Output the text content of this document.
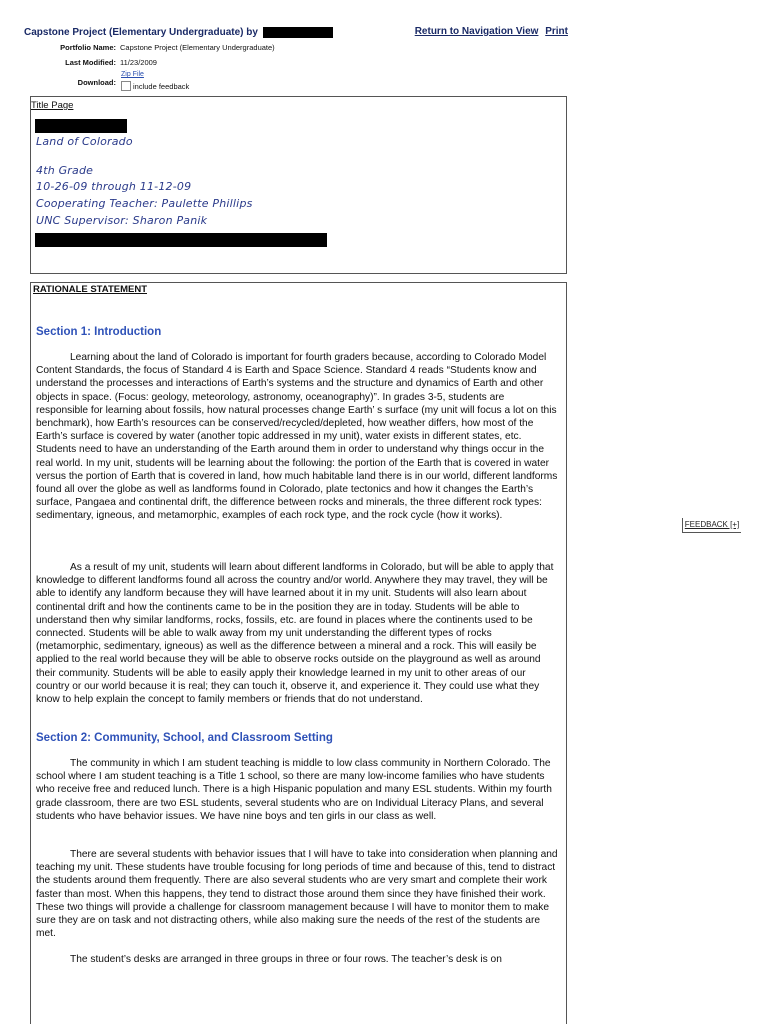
Capstone Project (Elementary Undergraduate) by	Return to Navigation View Print
Portfolio Name: Capstone Project (Elementary Undergraduate)
Last Modified: 11/23/2009
Download:
Zip File
include feedback
Title Page
Land of Colorado
4th Grade
10-26-09 through 11-12-09
Cooperating Teacher: Paulette Phillips
UNC Supervisor: Sharon Panik
RATIONALE STATEMENT
Section 1: Introduction
Learning about the land of Colorado is important for fourth graders because, according to Colorado Model Content Standards, the focus of Standard 4 is Earth and Space Science. Standard 4 reads “Students know and understand the processes and interactions of Earth’s systems and the structure and dynamics of Earth and other objects in space. (Focus: geology, meteorology, astronomy, oceanography)”. In grades 3-5, students are responsible for learning about fossils, how natural processes change Earth’ s surface (my unit will focus a lot on this benchmark), how Earth’s resources can be conserved/recycled/depleted, how weather differs, how most of the Earth’s surface is covered by water (another topic addressed in my unit), water exists in different states, etc. Students need to have an understanding of the Earth around them in order to understand why things occur in the real world. In my unit, students will be learning about the following: the portion of the Earth that is covered in water versus the portion of Earth that is covered in land, how much habitable land there is in our world, different landforms found all over the globe as well as landforms found in Colorado, plate tectonics and how it changes the Earth’s surface, Pangaea and continental drift, the difference between rocks and minerals, the three different rock types: sedimentary, igneous, and metamorphic, examples of each rock type, and the rock cycle (how it works).
As a result of my unit, students will learn about different landforms in Colorado, but will be able to apply that knowledge to different landforms found all across the country and/or world. Anywhere they may travel, they will be able to identify any landform because they will have learned about it in my unit. Students will also learn about continental drift and how the continents came to be in the position they are in today. Students will be able to understand then why similar landforms, rocks, fossils, etc. are found in places where the continents used to be connected. Students will be able to walk away from my unit understanding the different types of rocks (metamorphic, sedimentary, igneous) as well as the difference between a mineral and a rock. This will easily be applied to the real world because they will be able to observe rocks outside on the playground as well as around their community. Students will be able to easily apply their knowledge learned in my unit to other areas of our country or our world because it is real; they can touch it, observe it, and experience it. They could use what they know to help explain the concept to family members or friends that do not understand.
Section 2: Community, School, and Classroom Setting
The community in which I am student teaching is middle to low class community in Northern Colorado. The school where I am student teaching is a Title 1 school, so there are many low-income families who have students who receive free and reduced lunch. There is a high Hispanic population and many ESL students. Within my fourth grade classroom, there are two ESL students, several students who are on Individual Literacy Plans, and several students who have behavior issues. We have nine boys and ten girls in our class as well.
There are several students with behavior issues that I will have to take into consideration when planning and teaching my unit. These students have trouble focusing for long periods of time and because of this, tend to distract the students around them frequently. There are also several students who are very smart and complete their work faster than most. When this happens, they tend to distract those around them since they have finished their work. These two things will provide a challenge for classroom management because I will have to monitor them to make sure they are on task and not distracting others, while also making sure the needs of the rest of the students are met.
The student’s desks are arranged in three groups in three or four rows. The teacher’s desk is on
FEEDBACK [+]
